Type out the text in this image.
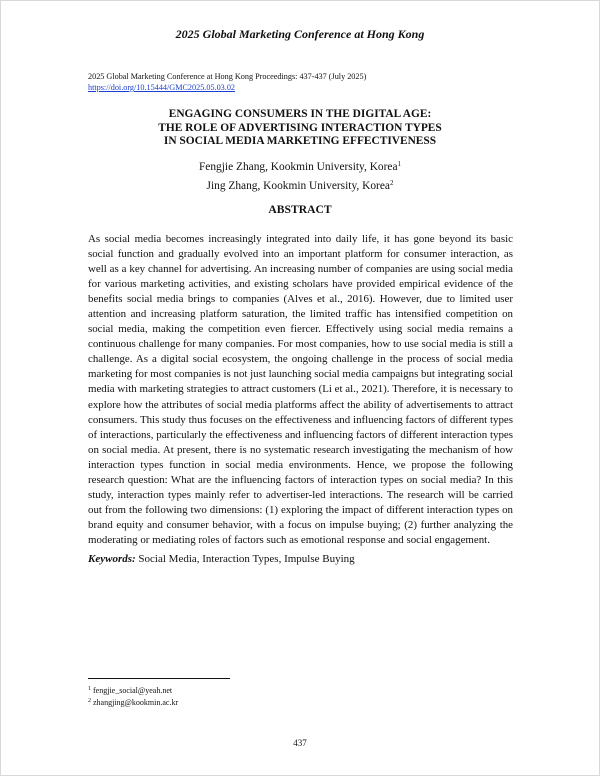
2025 Global Marketing Conference at Hong Kong
2025 Global Marketing Conference at Hong Kong Proceedings: 437-437 (July 2025)
https://doi.org/10.15444/GMC2025.05.03.02
ENGAGING CONSUMERS IN THE DIGITAL AGE:
THE ROLE OF ADVERTISING INTERACTION TYPES
IN SOCIAL MEDIA MARKETING EFFECTIVENESS
Fengjie Zhang, Kookmin University, Korea$^1$
Jing Zhang, Kookmin University, Korea$^2$
ABSTRACT
As social media becomes increasingly integrated into daily life, it has gone beyond its basic social function and gradually evolved into an important platform for consumer interaction, as well as a key channel for advertising. An increasing number of companies are using social media for various marketing activities, and existing scholars have provided empirical evidence of the benefits social media brings to companies (Alves et al., 2016). However, due to limited user attention and increasing platform saturation, the limited traffic has intensified competition on social media, making the competition even fiercer. Effectively using social media remains a continuous challenge for many companies. For most companies, how to use social media is still a challenge. As a digital social ecosystem, the ongoing challenge in the process of social media marketing for most companies is not just launching social media campaigns but integrating social media with marketing strategies to attract customers (Li et al., 2021). Therefore, it is necessary to explore how the attributes of social media platforms affect the ability of advertisements to attract consumers. This study thus focuses on the effectiveness and influencing factors of different types of interactions, particularly the effectiveness and influencing factors of different interaction types on social media. At present, there is no systematic research investigating the mechanism of how interaction types function in social media environments. Hence, we propose the following research question: What are the influencing factors of interaction types on social media? In this study, interaction types mainly refer to advertiser-led interactions. The research will be carried out from the following two dimensions: (1) exploring the impact of different interaction types on brand equity and consumer behavior, with a focus on impulse buying; (2) further analyzing the moderating or mediating roles of factors such as emotional response and social engagement.
Keywords: Social Media, Interaction Types, Impulse Buying
$^1$ fengjie_social@yeah.net
$^2$ zhangjing@kookmin.ac.kr
437
